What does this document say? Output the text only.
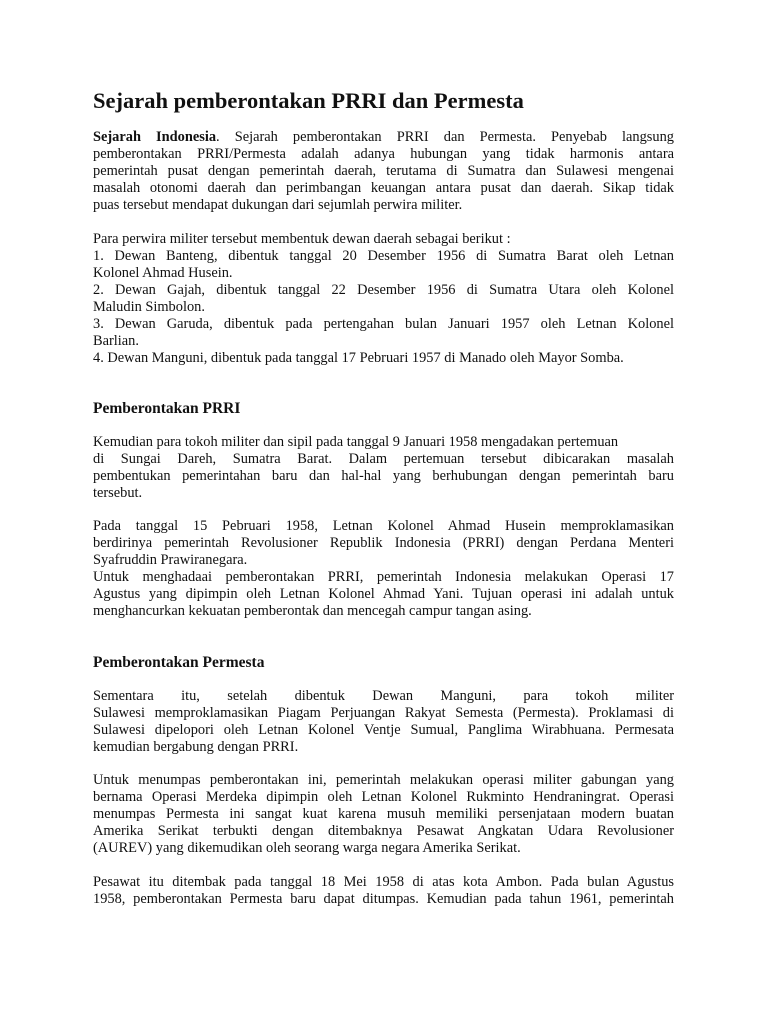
Sejarah pemberontakan PRRI dan Permesta
Sejarah Indonesia. Sejarah pemberontakan PRRI dan Permesta. Penyebab langsung
pemberontakan PRRI/Permesta adalah adanya hubungan yang tidak harmonis antara
pemerintah pusat dengan pemerintah daerah, terutama di Sumatra dan Sulawesi mengenai
masalah otonomi daerah dan perimbangan keuangan antara pusat dan daerah. Sikap tidak
puas tersebut mendapat dukungan dari sejumlah perwira militer.
Para perwira militer tersebut membentuk dewan daerah sebagai berikut :
1. Dewan Banteng, dibentuk tanggal 20 Desember 1956 di Sumatra Barat oleh Letnan
Kolonel Ahmad Husein.
2. Dewan Gajah, dibentuk tanggal 22 Desember 1956 di Sumatra Utara oleh Kolonel
Maludin Simbolon.
3. Dewan Garuda, dibentuk pada pertengahan bulan Januari 1957 oleh Letnan Kolonel
Barlian.
4. Dewan Manguni, dibentuk pada tanggal 17 Pebruari 1957 di Manado oleh Mayor Somba.
Pemberontakan PRRI
Kemudian para tokoh militer dan sipil pada tanggal 9 Januari 1958 mengadakan pertemuan
di Sungai Dareh, Sumatra Barat. Dalam pertemuan tersebut dibicarakan masalah
pembentukan pemerintahan baru dan hal-hal yang berhubungan dengan pemerintah baru
tersebut.
Pada tanggal 15 Pebruari 1958, Letnan Kolonel Ahmad Husein memproklamasikan
berdirinya pemerintah Revolusioner Republik Indonesia (PRRI) dengan Perdana Menteri
Syafruddin Prawiranegara.
Untuk menghadaai pemberontakan PRRI, pemerintah Indonesia melakukan Operasi 17
Agustus yang dipimpin oleh Letnan Kolonel Ahmad Yani. Tujuan operasi ini adalah untuk
menghancurkan kekuatan pemberontak dan mencegah campur tangan asing.
Pemberontakan Permesta
Sementara itu, setelah dibentuk Dewan Manguni, para tokoh militer
Sulawesi memproklamasikan Piagam Perjuangan Rakyat Semesta (Permesta). Proklamasi di
Sulawesi dipelopori oleh Letnan Kolonel Ventje Sumual, Panglima Wirabhuana. Permesata
kemudian bergabung dengan PRRI.
Untuk menumpas pemberontakan ini, pemerintah melakukan operasi militer gabungan yang
bernama Operasi Merdeka dipimpin oleh Letnan Kolonel Rukminto Hendraningrat. Operasi
menumpas Permesta ini sangat kuat karena musuh memiliki persenjataan modern buatan
Amerika Serikat terbukti dengan ditembaknya Pesawat Angkatan Udara Revolusioner
(AUREV) yang dikemudikan oleh seorang warga negara Amerika Serikat.
Pesawat itu ditembak pada tanggal 18 Mei 1958 di atas kota Ambon. Pada bulan Agustus
1958, pemberontakan Permesta baru dapat ditumpas. Kemudian pada tahun 1961, pemerintah
